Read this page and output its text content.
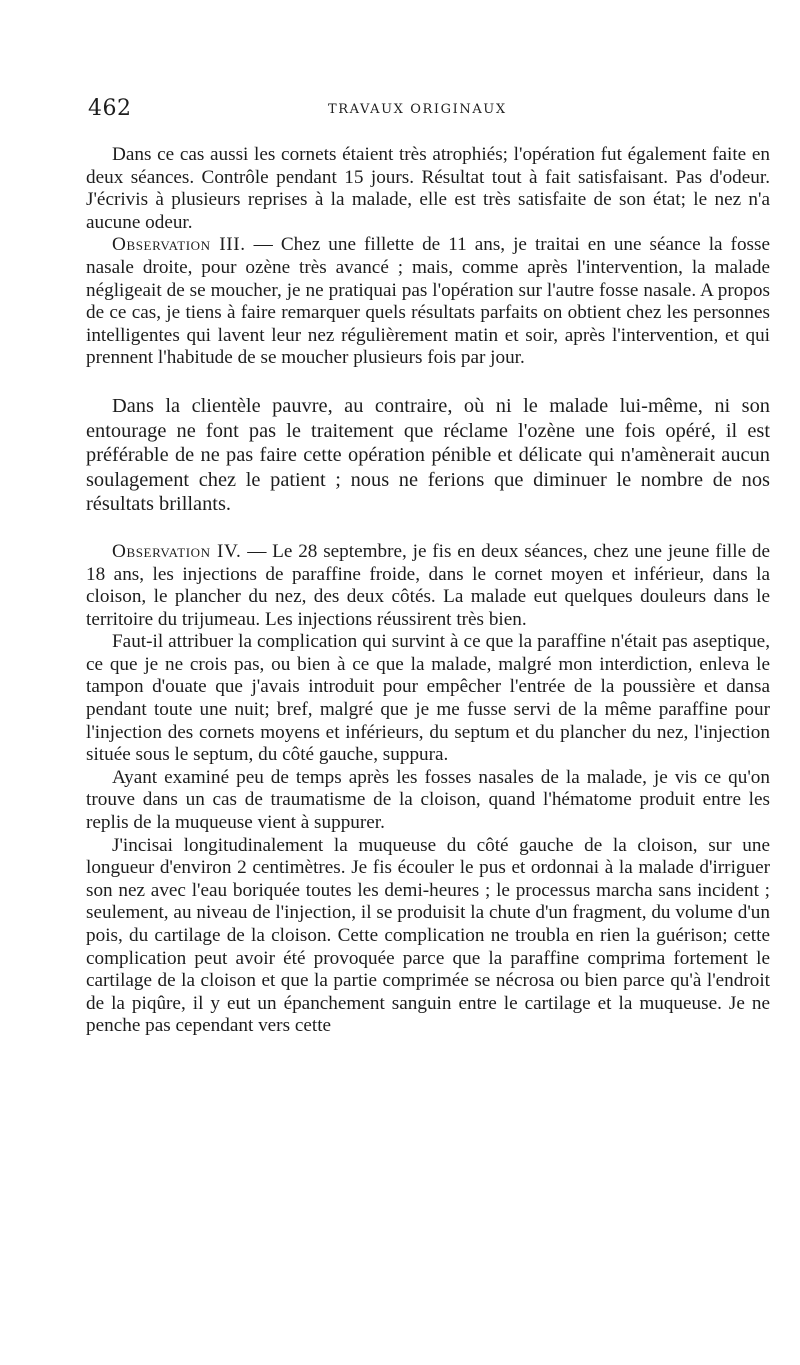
462	TRAVAUX ORIGINAUX

Dans ce cas aussi les cornets étaient très atrophiés; l'opération fut également faite en deux séances. Contrôle pendant 15 jours. Résultat tout à fait satisfaisant. Pas d'odeur. J'écrivis à plusieurs reprises à la malade, elle est très satisfaite de son état; le nez n'a aucune odeur.

Observation III. — Chez une fillette de 11 ans, je traitai en une séance la fosse nasale droite, pour ozène très avancé ; mais, comme après l'intervention, la malade négligeait de se moucher, je ne pratiquai pas l'opération sur l'autre fosse nasale. A propos de ce cas, je tiens à faire remarquer quels résultats parfaits on obtient chez les personnes intelligentes qui lavent leur nez régulièrement matin et soir, après l'intervention, et qui prennent l'habitude de se moucher plusieurs fois par jour.

Dans la clientèle pauvre, au contraire, où ni le malade lui-même, ni son entourage ne font pas le traitement que réclame l'ozène une fois opéré, il est préférable de ne pas faire cette opération pénible et délicate qui n'amènerait aucun soulagement chez le patient ; nous ne ferions que diminuer le nombre de nos résultats brillants.

Observation IV. — Le 28 septembre, je fis en deux séances, chez une jeune fille de 18 ans, les injections de paraffine froide, dans le cornet moyen et inférieur, dans la cloison, le plancher du nez, des deux côtés. La malade eut quelques douleurs dans le territoire du trijumeau. Les injections réussirent très bien.

Faut-il attribuer la complication qui survint à ce que la paraffine n'était pas aseptique, ce que je ne crois pas, ou bien à ce que la malade, malgré mon interdiction, enleva le tampon d'ouate que j'avais introduit pour empêcher l'entrée de la poussière et dansa pendant toute une nuit; bref, malgré que je me fusse servi de la même paraffine pour l'injection des cornets moyens et inférieurs, du septum et du plancher du nez, l'injection située sous le septum, du côté gauche, suppura.

Ayant examiné peu de temps après les fosses nasales de la malade, je vis ce qu'on trouve dans un cas de traumatisme de la cloison, quand l'hématome produit entre les replis de la muqueuse vient à suppurer.

J'incisai longitudinalement la muqueuse du côté gauche de la cloison, sur une longueur d'environ 2 centimètres. Je fis écouler le pus et ordonnai à la malade d'irriguer son nez avec l'eau boriquée toutes les demi-heures ; le processus marcha sans incident ; seulement, au niveau de l'injection, il se produisit la chute d'un fragment, du volume d'un pois, du cartilage de la cloison. Cette complication ne troubla en rien la guérison; cette complication peut avoir été provoquée parce que la paraffine comprima fortement le cartilage de la cloison et que la partie comprimée se nécrosa ou bien parce qu'à l'endroit de la piqûre, il y eut un épanchement sanguin entre le cartilage et la muqueuse. Je ne penche pas cependant vers cette
